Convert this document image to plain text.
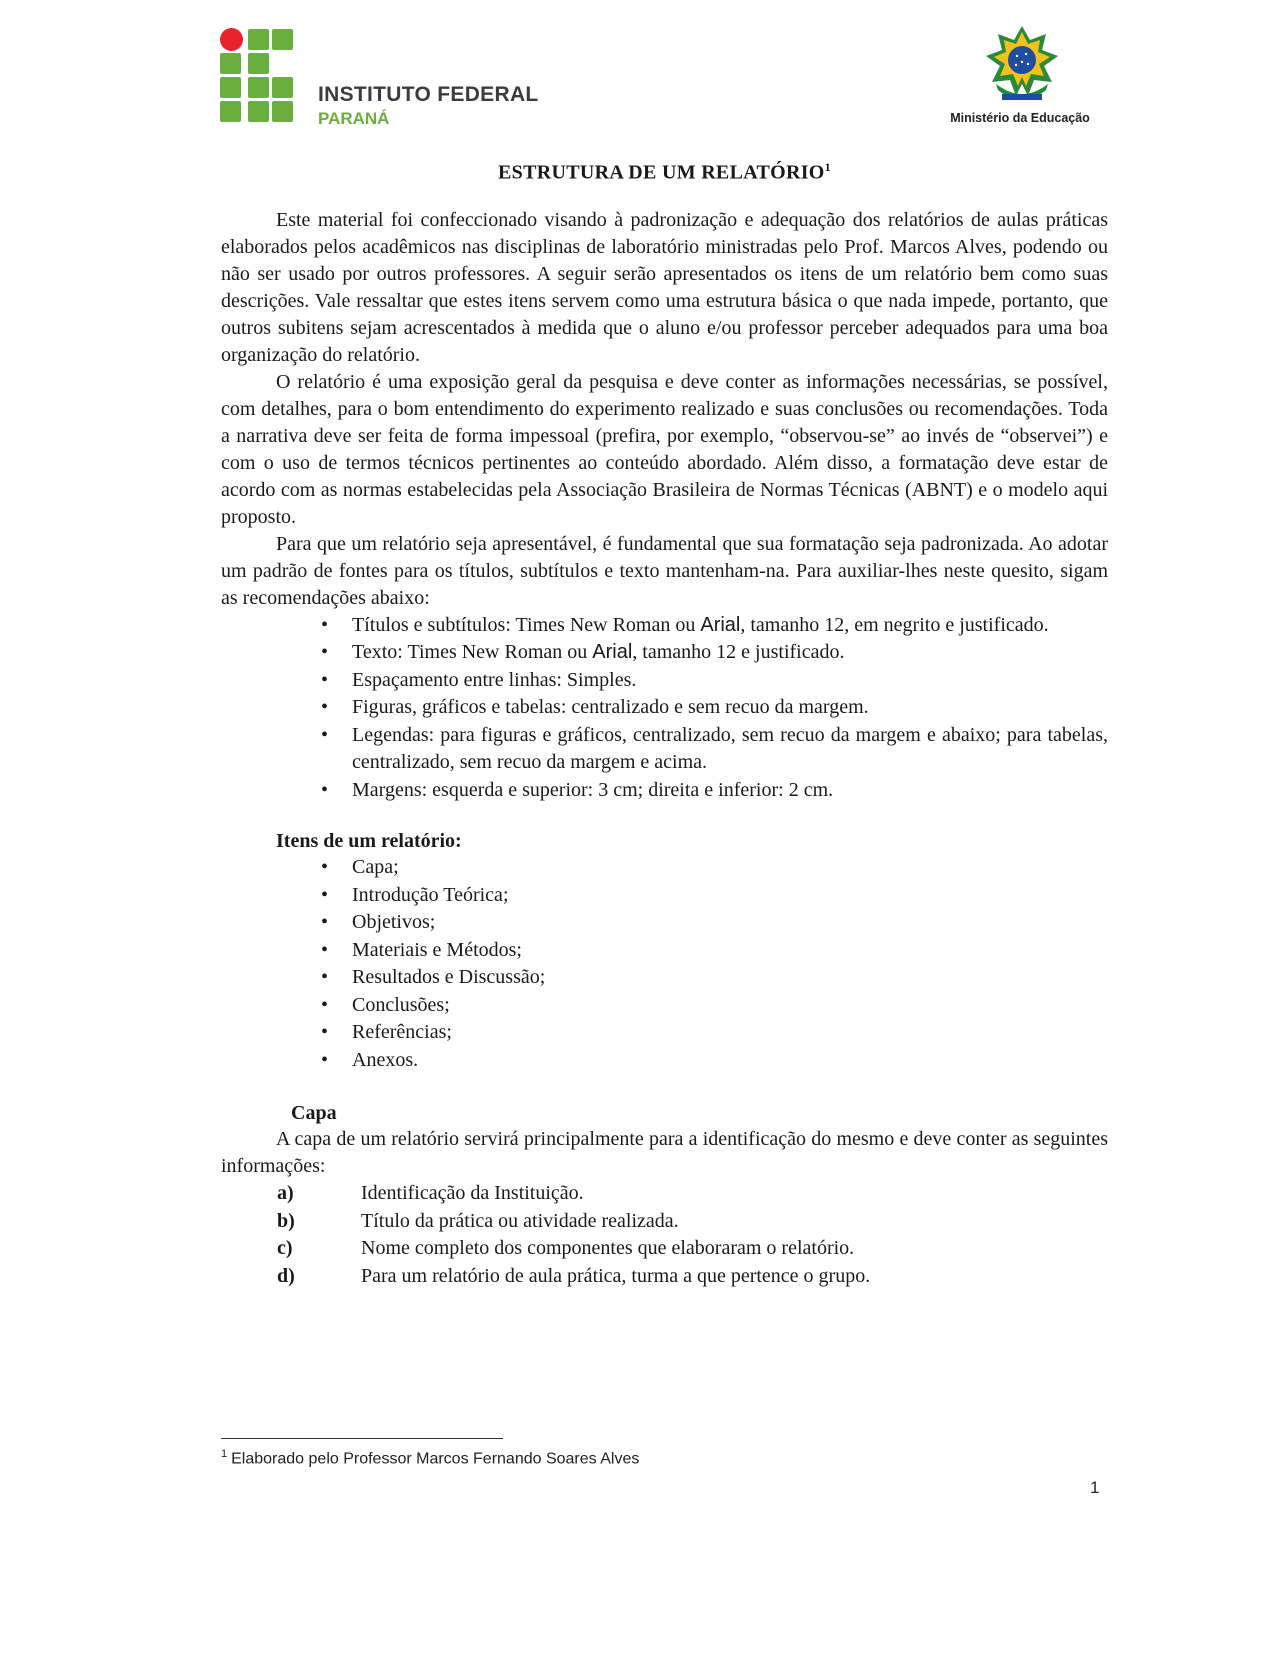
INSTITUTO FEDERAL
PARANÁ	Ministério da Educação
ESTRUTURA DE UM RELATÓRIO$^1$

Este material foi confeccionado visando à padronização e adequação dos relatórios de aulas práticas elaborados pelos acadêmicos nas disciplinas de laboratório ministradas pelo Prof. Marcos Alves, podendo ou não ser usado por outros professores. A seguir serão apresentados os itens de um relatório bem como suas descrições. Vale ressaltar que estes itens servem como uma estrutura básica o que nada impede, portanto, que outros subitens sejam acrescentados à medida que o aluno e/ou professor perceber adequados para uma boa organização do relatório.

O relatório é uma exposição geral da pesquisa e deve conter as informações necessárias, se possível, com detalhes, para o bom entendimento do experimento realizado e suas conclusões ou recomendações. Toda a narrativa deve ser feita de forma impessoal (prefira, por exemplo, “observou-se” ao invés de “observei”) e com o uso de termos técnicos pertinentes ao conteúdo abordado. Além disso, a formatação deve estar de acordo com as normas estabelecidas pela Associação Brasileira de Normas Técnicas (ABNT) e o modelo aqui proposto.

Para que um relatório seja apresentável, é fundamental que sua formatação seja padronizada. Ao adotar um padrão de fontes para os títulos, subtítulos e texto mantenham-na. Para auxiliar-lhes neste quesito, sigam as recomendações abaixo:

• Títulos e subtítulos: Times New Roman ou Arial, tamanho 12, em negrito e justificado.
• Texto: Times New Roman ou Arial, tamanho 12 e justificado.
• Espaçamento entre linhas: Simples.
• Figuras, gráficos e tabelas: centralizado e sem recuo da margem.
• Legendas: para figuras e gráficos, centralizado, sem recuo da margem e abaixo; para tabelas, centralizado, sem recuo da margem e acima.
• Margens: esquerda e superior: 3 cm; direita e inferior: 2 cm.
Itens de um relatório:
• Capa;
• Introdução Teórica;
• Objetivos;
• Materiais e Métodos;
• Resultados e Discussão;
• Conclusões;
• Referências;
• Anexos.
Capa

A capa de um relatório servirá principalmente para a identificação do mesmo e deve conter as seguintes informações:

a)	Identificação da Instituição.
b)	Título da prática ou atividade realizada.
c)	Nome completo dos componentes que elaboraram o relatório.
d)	Para um relatório de aula prática, turma a que pertence o grupo.
$^1$ Elaborado pelo Professor Marcos Fernando Soares Alves
1
